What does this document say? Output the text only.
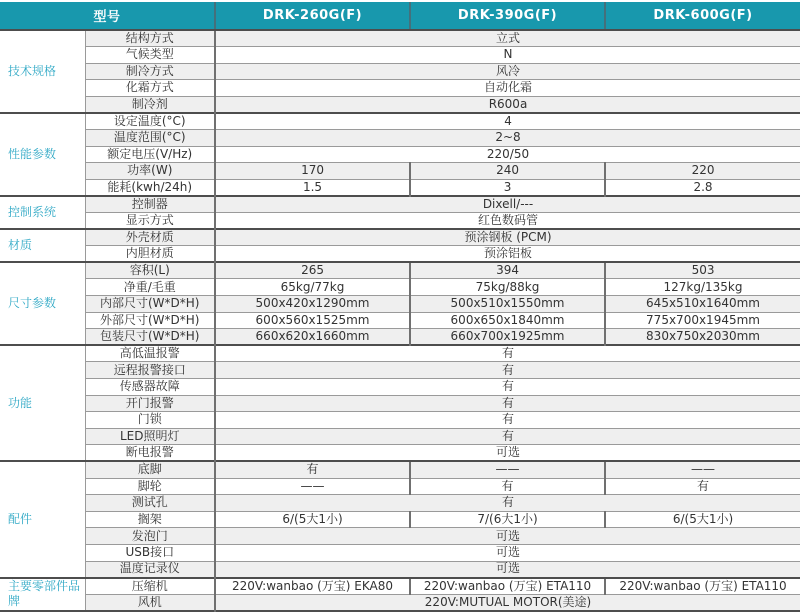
型号		DRK-260G(F)	DRK-390G(F)	DRK-600G(F)
技术规格	结构方式	立式		
	气候类型	N		
	制冷方式	风冷		
	化霜方式	自动化霜		
	制冷剂	R600a		
性能参数	设定温度(°C)	4		
	温度范围(°C)	2~8		
	额定电压(V/Hz)	220/50		
	功率(W)	170	240	220
	能耗(kwh/24h)	1.5	3	2.8
控制系统	控制器	Dixell/---		
	显示方式	红色数码管		
材质	外壳材质	预涂钢板 (PCM)		
	内胆材质	预涂铝板		
尺寸参数	容积(L)	265	394	503
	净重/毛重	65kg/77kg	75kg/88kg	127kg/135kg
	内部尺寸(W*D*H)	500x420x1290mm	500x510x1550mm	645x510x1640mm
	外部尺寸(W*D*H)	600x560x1525mm	600x650x1840mm	775x700x1945mm
	包装尺寸(W*D*H)	660x620x1660mm	660x700x1925mm	830x750x2030mm
功能	高低温报警	有		
	远程报警接口	有		
	传感器故障	有		
	开门报警	有		
	门锁	有		
	LED照明灯	有		
	断电报警	可选		
配件	底脚	有	——	——
	脚轮	——	有	有
	测试孔	有		
	搁架	6/(5大1小)	7/(6大1小)	6/(5大1小)
	发泡门	可选		
	USB接口	可选		
	温度记录仪	可选		
主要零部件品牌	压缩机	220V:wanbao (万宝) EKA80	220V:wanbao (万宝) ETA110	220V:wanbao (万宝) ETA110
	风机	220V:MUTUAL MOTOR(美途)		
